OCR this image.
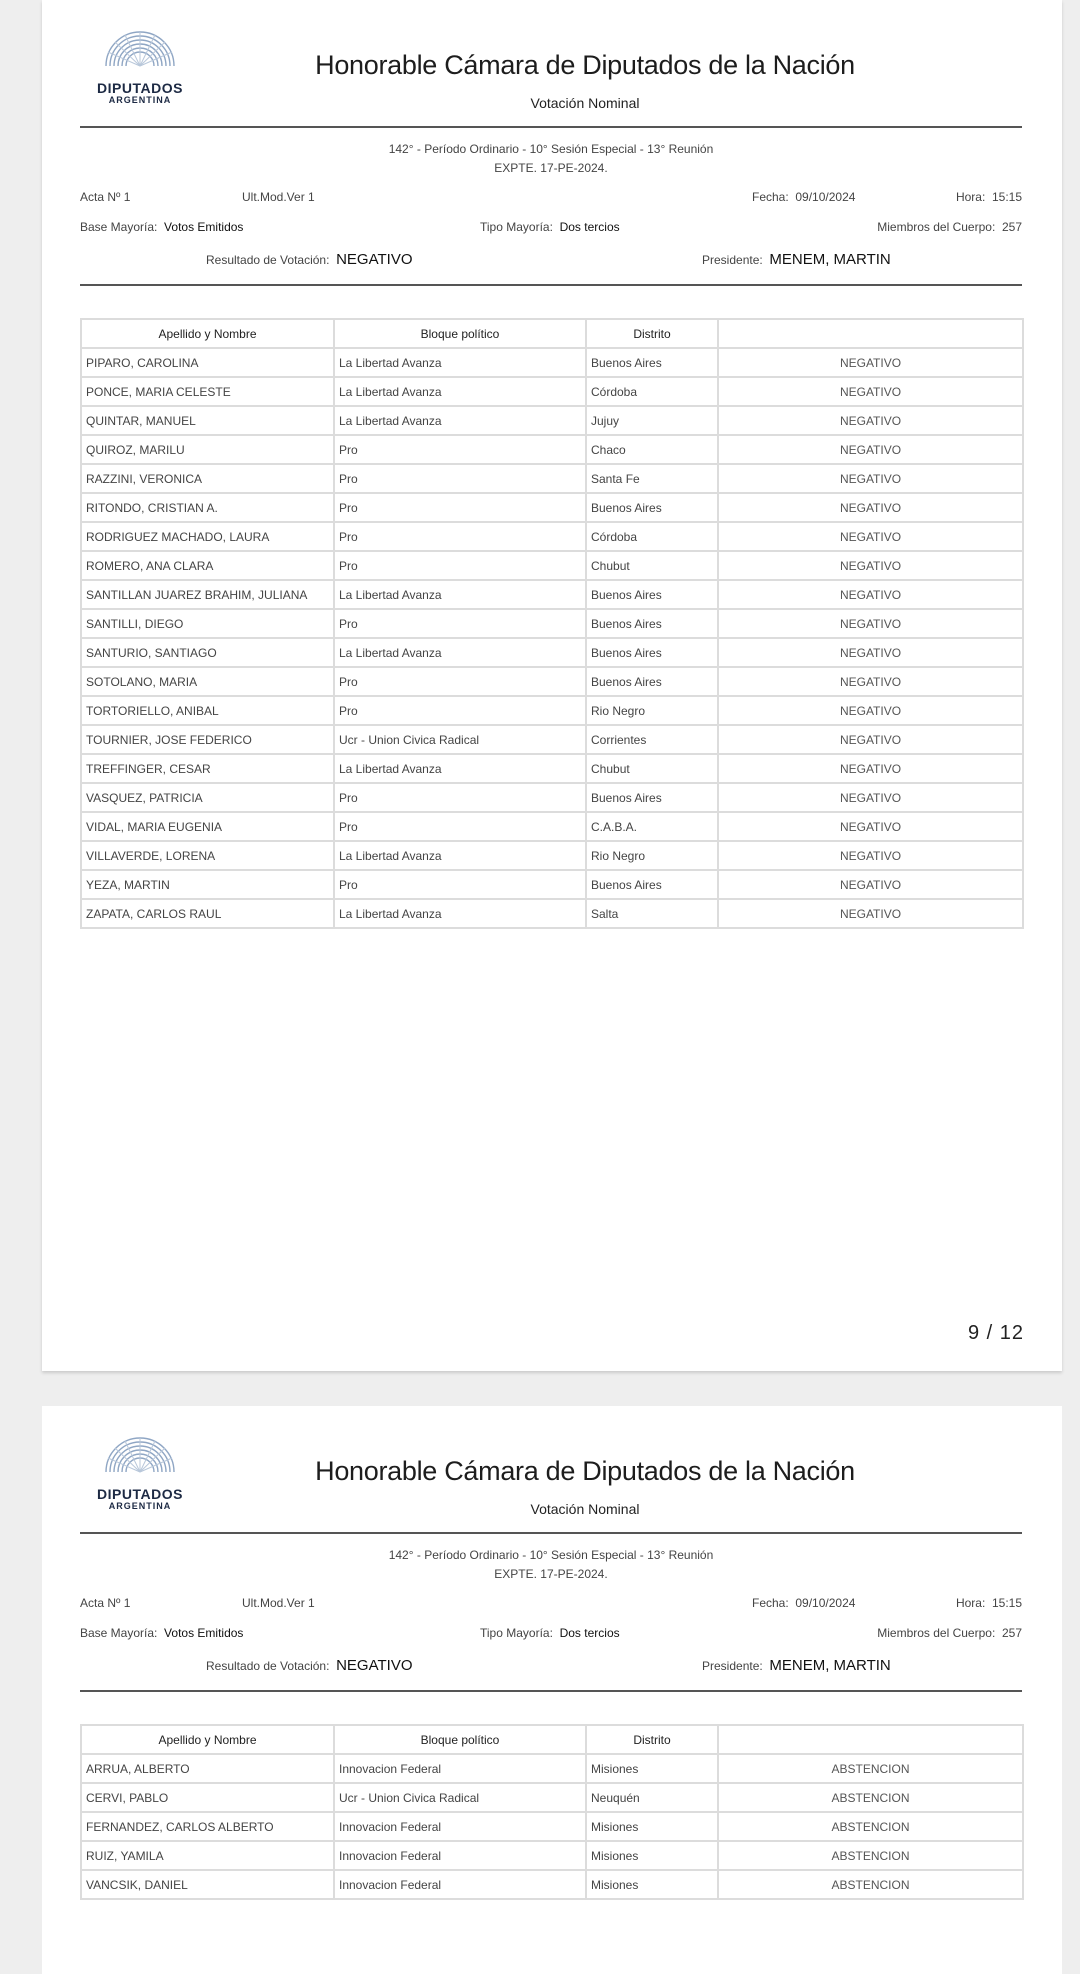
DIPUTADOS
ARGENTINA
Honorable Cámara de Diputados de la Nación
Votación Nominal
142° - Período Ordinario - 10° Sesión Especial - 13° Reunión
EXPTE. 17-PE-2024.
Acta Nº 1	Ult.Mod.Ver 1	Fecha: 09/10/2024	Hora: 15:15
Base Mayoría: Votos Emitidos	Tipo Mayoría: Dos tercios	Miembros del Cuerpo: 257
Resultado de Votación: NEGATIVO	Presidente: MENEM, MARTIN
Apellido y Nombre	Bloque político	Distrito	
PIPARO, CAROLINA	La Libertad Avanza	Buenos Aires	NEGATIVO
PONCE, MARIA CELESTE	La Libertad Avanza	Córdoba	NEGATIVO
QUINTAR, MANUEL	La Libertad Avanza	Jujuy	NEGATIVO
QUIROZ, MARILU	Pro	Chaco	NEGATIVO
RAZZINI, VERONICA	Pro	Santa Fe	NEGATIVO
RITONDO, CRISTIAN A.	Pro	Buenos Aires	NEGATIVO
RODRIGUEZ MACHADO, LAURA	Pro	Córdoba	NEGATIVO
ROMERO, ANA CLARA	Pro	Chubut	NEGATIVO
SANTILLAN JUAREZ BRAHIM, JULIANA	La Libertad Avanza	Buenos Aires	NEGATIVO
SANTILLI, DIEGO	Pro	Buenos Aires	NEGATIVO
SANTURIO, SANTIAGO	La Libertad Avanza	Buenos Aires	NEGATIVO
SOTOLANO, MARIA	Pro	Buenos Aires	NEGATIVO
TORTORIELLO, ANIBAL	Pro	Rio Negro	NEGATIVO
TOURNIER, JOSE FEDERICO	Ucr - Union Civica Radical	Corrientes	NEGATIVO
TREFFINGER, CESAR	La Libertad Avanza	Chubut	NEGATIVO
VASQUEZ, PATRICIA	Pro	Buenos Aires	NEGATIVO
VIDAL, MARIA EUGENIA	Pro	C.A.B.A.	NEGATIVO
VILLAVERDE, LORENA	La Libertad Avanza	Rio Negro	NEGATIVO
YEZA, MARTIN	Pro	Buenos Aires	NEGATIVO
ZAPATA, CARLOS RAUL	La Libertad Avanza	Salta	NEGATIVO
9 / 12
DIPUTADOS
ARGENTINA
Honorable Cámara de Diputados de la Nación
Votación Nominal
142° - Período Ordinario - 10° Sesión Especial - 13° Reunión
EXPTE. 17-PE-2024.
Acta Nº 1	Ult.Mod.Ver 1	Fecha: 09/10/2024	Hora: 15:15
Base Mayoría: Votos Emitidos	Tipo Mayoría: Dos tercios	Miembros del Cuerpo: 257
Resultado de Votación: NEGATIVO	Presidente: MENEM, MARTIN
Apellido y Nombre	Bloque político	Distrito	
ARRUA, ALBERTO	Innovacion Federal	Misiones	ABSTENCION
CERVI, PABLO	Ucr - Union Civica Radical	Neuquén	ABSTENCION
FERNANDEZ, CARLOS ALBERTO	Innovacion Federal	Misiones	ABSTENCION
RUIZ, YAMILA	Innovacion Federal	Misiones	ABSTENCION
VANCSIK, DANIEL	Innovacion Federal	Misiones	ABSTENCION
